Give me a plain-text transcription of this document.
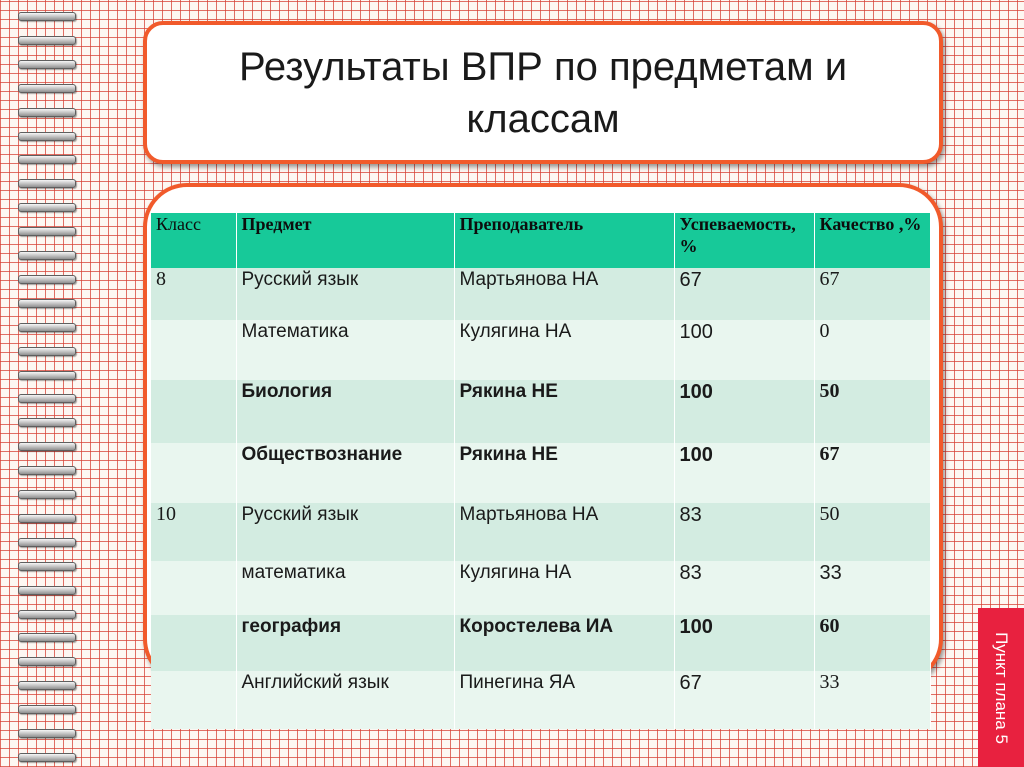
Результаты ВПР по предметам и классам
Класс	Предмет	Преподаватель	Успеваемость, %	Качество ,%
8	Русский язык	Мартьянова НА	67	67
	Математика	Кулягина НА	100	0
	Биология	Рякина НЕ	100	50

	Обществознание	Рякина НЕ	100	67
10	Русский язык	Мартьянова НА	83	50
	математика	Кулягина НА	83	33
	география	Коростелева ИА	100	60
	Английский язык	Пинегина ЯА	67	33	Пункт плана 5
